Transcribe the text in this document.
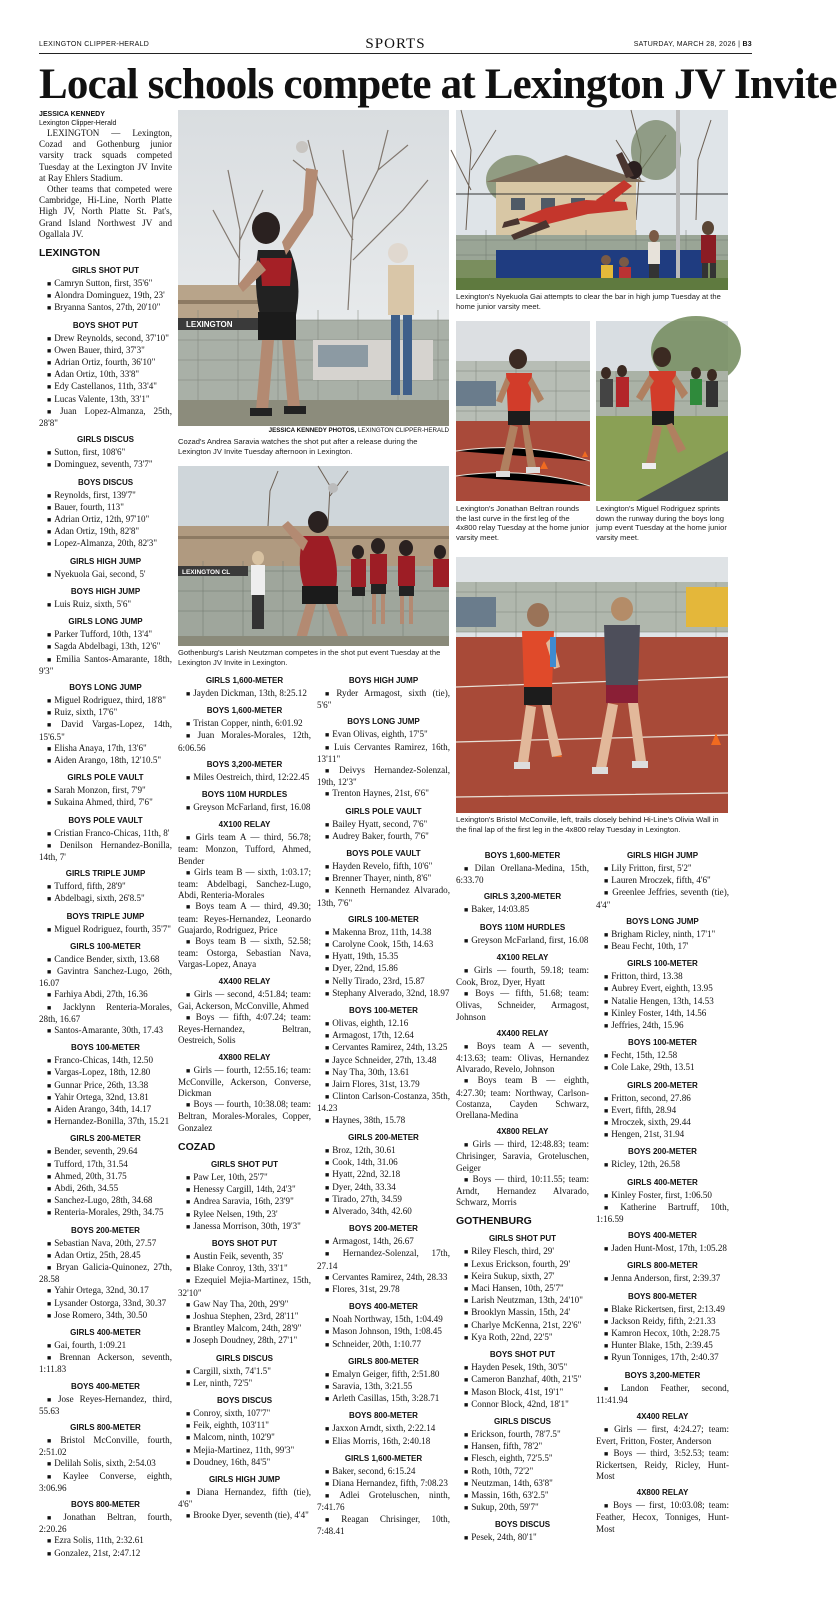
LEXINGTON CLIPPER-HERALD	SPORTS	SATURDAY, MARCH 28, 2026 | B3
Local schools compete at Lexington JV Invite
JESSICA KENNEDY
Lexington Clipper-Herald

LEXINGTON — Lexington, Cozad and Gothenburg junior varsity track squads competed Tuesday at the Lexington JV Invite at Ray Ehlers Stadium.

Other teams that competed were Cambridge, Hi-Line, North Platte High JV, North Platte St. Pat's, Grand Island Northwest JV and Ogallala JV.

LEXINGTON
GIRLS SHOT PUT

■ Camryn Sutton, first, 35'6"

■ Alondra Dominguez, 19th, 23'

■ Bryanna Santos, 27th, 20'10"

BOYS SHOT PUT

■ Drew Reynolds, second, 37'10"

■ Owen Bauer, third, 37'3"

■ Adrian Ortiz, fourth, 36'10"

■ Adan Ortiz, 10th, 33'8"

■ Edy Castellanos, 11th, 33'4"

■ Lucas Valente, 13th, 33'1"

■ Juan Lopez-Almanza, 25th, 28'8"

GIRLS DISCUS

■ Sutton, first, 108'6"

■ Dominguez, seventh, 73'7"

BOYS DISCUS

■ Reynolds, first, 139'7"

■ Bauer, fourth, 113"

■ Adrian Ortiz, 12th, 97'10"

■ Adan Ortiz, 19th, 82'8"

■ Lopez-Almanza, 20th, 82'3"

GIRLS HIGH JUMP

■ Nyekuola Gai, second, 5'

BOYS HIGH JUMP

■ Luis Ruiz, sixth, 5'6"

GIRLS LONG JUMP

■ Parker Tufford, 10th, 13'4"

■ Sagda Abdelbagi, 13th, 12'6"

■ Emilia Santos-Amarante, 18th, 9'3"

BOYS LONG JUMP

■ Miguel Rodriguez, third, 18'8"

■ Ruiz, sixth, 17'6"

■ David Vargas-Lopez, 14th, 15'6.5"

■ Elisha Anaya, 17th, 13'6"

■ Aiden Arango, 18th, 12'10.5"

GIRLS POLE VAULT

■ Sarah Monzon, first, 7'9"

■ Sukaina Ahmed, third, 7'6"

BOYS POLE VAULT

■ Cristian Franco-Chicas, 11th, 8'

■ Denilson Hernandez-Bonilla, 14th, 7'

GIRLS TRIPLE JUMP

■ Tufford, fifth, 28'9"

■ Abdelbagi, sixth, 26'8.5"

BOYS TRIPLE JUMP

■ Miguel Rodriguez, fourth, 35'7"

GIRLS 100-METER

■ Candice Bender, sixth, 13.68

■ Gavintra Sanchez-Lugo, 26th, 16.07

■ Farhiya Abdi, 27th, 16.36

■ Jacklynn Renteria-Morales, 28th, 16.67

■ Santos-Amarante, 30th, 17.43

BOYS 100-METER

■ Franco-Chicas, 14th, 12.50

■ Vargas-Lopez, 18th, 12.80

■ Gunnar Price, 26th, 13.38

■ Yahir Ortega, 32nd, 13.81

■ Aiden Arango, 34th, 14.17

■ Hernandez-Bonilla, 37th, 15.21

GIRLS 200-METER

■ Bender, seventh, 29.64

■ Tufford, 17th, 31.54

■ Ahmed, 20th, 31.75

■ Abdi, 26th, 34.55

■ Sanchez-Lugo, 28th, 34.68

■ Renteria-Morales, 29th, 34.75

BOYS 200-METER

■ Sebastian Nava, 20th, 27.57

■ Adan Ortiz, 25th, 28.45

■ Bryan Galicia-Quinonez, 27th, 28.58

■ Yahir Ortega, 32nd, 30.17

■ Lysander Ostorga, 33nd, 30.37

■ Jose Romero, 34th, 30.50

GIRLS 400-METER

■ Gai, fourth, 1:09.21

■ Brennan Ackerson, seventh, 1:11.83

BOYS 400-METER

■ Jose Reyes-Hernandez, third, 55.63

GIRLS 800-METER

■ Bristol McConville, fourth, 2:51.02

■ Delilah Solis, sixth, 2:54.03

■ Kaylee Converse, eighth, 3:06.96

BOYS 800-METER

■ Jonathan Beltran, fourth, 2:20.26

■ Ezra Solis, 11th, 2:32.61

■ Gonzalez, 21st, 2:47.12

LEXINGTON
JESSICA KENNEDY PHOTOS, LEXINGTON CLIPPER-HERALD
Cozad's Andrea Saravia watches the shot put after a release during the Lexington JV Invite Tuesday afternoon in Lexington.
LEXINGTON CL
Gothenburg's Larish Neutzman competes in the shot put event Tuesday at the Lexington JV Invite in Lexington.
GIRLS 1,600-METER

■ Jayden Dickman, 13th, 8:25.12

BOYS 1,600-METER

■ Tristan Copper, ninth, 6:01.92

■ Juan Morales-Morales, 12th, 6:06.56

BOYS 3,200-METER

■ Miles Oestreich, third, 12:22.45

BOYS 110M HURDLES

■ Greyson McFarland, first, 16.08

4X100 RELAY

■ Girls team A — third, 56.78; team: Monzon, Tufford, Ahmed, Bender

■ Girls team B — sixth, 1:03.17; team: Abdelbagi, Sanchez-Lugo, Abdi, Renteria-Morales

■ Boys team A — third, 49.30; team: Reyes-Hernandez, Leonardo Guajardo, Rodriguez, Price

■ Boys team B — sixth, 52.58; team: Ostorga, Sebastian Nava, Vargas-Lopez, Anaya

4X400 RELAY

■ Girls — second, 4:51.84; team: Gai, Ackerson, McConville, Ahmed

■ Boys — fifth, 4:07.24; team: Reyes-Hernandez, Beltran, Oestreich, Solis

4X800 RELAY

■ Girls — fourth, 12:55.16; team: McConville, Ackerson, Converse, Dickman

■ Boys — fourth, 10:38.08; team: Beltran, Morales-Morales, Copper, Gonzalez

COZAD
GIRLS SHOT PUT

■ Paw Ler, 10th, 25'7"

■ Henessy Cargill, 14th, 24'3"

■ Andrea Saravia, 16th, 23'9"

■ Rylee Nelsen, 19th, 23'

■ Janessa Morrison, 30th, 19'3"

BOYS SHOT PUT

■ Austin Feik, seventh, 35'

■ Blake Conroy, 13th, 33'1"

■ Ezequiel Mejia-Martinez, 15th, 32'10"

■ Gaw Nay Tha, 20th, 29'9"

■ Joshua Stephen, 23rd, 28'11"

■ Brantley Malcom, 24th, 28'9"

■ Joseph Doudney, 28th, 27'1"

GIRLS DISCUS

■ Cargill, sixth, 74'1.5"

■ Ler, ninth, 72'5"

BOYS DISCUS

■ Conroy, sixth, 107'7"

■ Feik, eighth, 103'11"

■ Malcom, ninth, 102'9"

■ Mejia-Martinez, 11th, 99'3"

■ Doudney, 16th, 84'5"

GIRLS HIGH JUMP

■ Diana Hernandez, fifth (tie), 4'6"

■ Brooke Dyer, seventh (tie), 4'4"

BOYS HIGH JUMP

■ Ryder Armagost, sixth (tie), 5'6"

BOYS LONG JUMP

■ Evan Olivas, eighth, 17'5"

■ Luis Cervantes Ramirez, 16th, 13'11"

■ Deivys Hernandez-Solenzal, 19th, 12'3"

■ Trenton Haynes, 21st, 6'6"

GIRLS POLE VAULT

■ Bailey Hyatt, second, 7'6"

■ Audrey Baker, fourth, 7'6"

BOYS POLE VAULT

■ Hayden Revelo, fifth, 10'6"

■ Brenner Thayer, ninth, 8'6"

■ Kenneth Hernandez Alvarado, 13th, 7'6"

GIRLS 100-METER

■ Makenna Broz, 11th, 14.38

■ Carolyne Cook, 15th, 14.63

■ Hyatt, 19th, 15.35

■ Dyer, 22nd, 15.86

■ Nelly Tirado, 23rd, 15.87

■ Stephany Alverado, 32nd, 18.97

BOYS 100-METER

■ Olivas, eighth, 12.16

■ Armagost, 17th, 12.64

■ Cervantes Ramirez, 24th, 13.25

■ Jayce Schneider, 27th, 13.48

■ Nay Tha, 30th, 13.61

■ Jairn Flores, 31st, 13.79

■ Clinton Carlson-Costanza, 35th, 14.23

■ Haynes, 38th, 15.78

GIRLS 200-METER

■ Broz, 12th, 30.61

■ Cook, 14th, 31.06

■ Hyatt, 22nd, 32.18

■ Dyer, 24th, 33.34

■ Tirado, 27th, 34.59

■ Alverado, 34th, 42.60

BOYS 200-METER

■ Armagost, 14th, 26.67

■ Hernandez-Solenzal, 17th, 27.14

■ Cervantes Ramirez, 24th, 28.33

■ Flores, 31st, 29.78

BOYS 400-METER

■ Noah Northway, 15th, 1:04.49

■ Mason Johnson, 19th, 1:08.45

■ Schneider, 20th, 1:10.77

GIRLS 800-METER

■ Emalyn Geiger, fifth, 2:51.80

■ Saravia, 13th, 3:21.55

■ Arleth Casillas, 15th, 3:28.71

BOYS 800-METER

■ Jaxxon Arndt, sixth, 2:22.14

■ Elias Morris, 16th, 2:40.18

GIRLS 1,600-METER

■ Baker, second, 6:15.24

■ Diana Hernandez, fifth, 7:08.23

■ Adlei Groteluschen, ninth, 7:41.76

■ Reagan Chrisinger, 10th, 7:48.41

Lexington's Nyekuola Gai attempts to clear the bar in high jump Tuesday at the home junior varsity meet.
Lexington's Jonathan Beltran rounds the last curve in the first leg of the 4x800 relay Tuesday at the home junior varsity meet.
Lexington's Miguel Rodriguez sprints down the runway during the boys long jump event Tuesday at the home junior varsity meet.
Lexington's Bristol McConville, left, trails closely behind Hi-Line's Olivia Wall in the final lap of the first leg in the 4x800 relay Tuesday in Lexington.
BOYS 1,600-METER

■ Dilan Orellana-Medina, 15th, 6:33.70

GIRLS 3,200-METER

■ Baker, 14:03.85

BOYS 110M HURDLES

■ Greyson McFarland, first, 16.08

4X100 RELAY

■ Girls — fourth, 59.18; team: Cook, Broz, Dyer, Hyatt

■ Boys — fifth, 51.68; team: Olivas, Schneider, Armagost, Johnson

4X400 RELAY

■ Boys team A — seventh, 4:13.63; team: Olivas, Hernandez Alvarado, Revelo, Johnson

■ Boys team B — eighth, 4:27.30; team: Northway, Carlson-Costanza, Cayden Schwarz, Orellana-Medina

4X800 RELAY

■ Girls — third, 12:48.83; team: Chrisinger, Saravia, Groteluschen, Geiger

■ Boys — third, 10:11.55; team: Arndt, Hernandez Alvarado, Schwarz, Morris

GOTHENBURG
GIRLS SHOT PUT

■ Riley Flesch, third, 29'

■ Lexus Erickson, fourth, 29'

■ Keira Sukup, sixth, 27'

■ Maci Hansen, 10th, 25'7"

■ Larish Neutzman, 13th, 24'10"

■ Brooklyn Massin, 15th, 24'

■ Charlye McKenna, 21st, 22'6"

■ Kya Roth, 22nd, 22'5"

BOYS SHOT PUT

■ Hayden Pesek, 19th, 30'5"

■ Cameron Banzhaf, 40th, 21'5"

■ Mason Block, 41st, 19'1"

■ Connor Block, 42nd, 18'1"

GIRLS DISCUS

■ Erickson, fourth, 78'7.5"

■ Hansen, fifth, 78'2"

■ Flesch, eighth, 72'5.5"

■ Roth, 10th, 72'2"

■ Neutzman, 14th, 63'8"

■ Massin, 16th, 63'2.5"

■ Sukup, 20th, 59'7"

BOYS DISCUS

■ Pesek, 24th, 80'1"

GIRLS HIGH JUMP

■ Lily Fritton, first, 5'2"

■ Lauren Mroczek, fifth, 4'6"

■ Greenlee Jeffries, seventh (tie), 4'4"

BOYS LONG JUMP

■ Brigham Ricley, ninth, 17'1"

■ Beau Fecht, 10th, 17'

GIRLS 100-METER

■ Fritton, third, 13.38

■ Aubrey Evert, eighth, 13.95

■ Natalie Hengen, 13th, 14.53

■ Kinley Foster, 14th, 14.56

■ Jeffries, 24th, 15.96

BOYS 100-METER

■ Fecht, 15th, 12.58

■ Cole Lake, 29th, 13.51

GIRLS 200-METER

■ Fritton, second, 27.86

■ Evert, fifth, 28.94

■ Mroczek, sixth, 29.44

■ Hengen, 21st, 31.94

BOYS 200-METER

■ Ricley, 12th, 26.58

GIRLS 400-METER

■ Kinley Foster, first, 1:06.50

■ Katherine Bartruff, 10th, 1:16.59

BOYS 400-METER

■ Jaden Hunt-Most, 17th, 1:05.28

GIRLS 800-METER

■ Jenna Anderson, first, 2:39.37

BOYS 800-METER

■ Blake Rickertsen, first, 2:13.49

■ Jackson Reidy, fifth, 2:21.33

■ Kamron Hecox, 10th, 2:28.75

■ Hunter Blake, 15th, 2:39.45

■ Ryun Tonniges, 17th, 2:40.37

BOYS 3,200-METER

■ Landon Feather, second, 11:41.94

4X400 RELAY

■ Girls — first, 4:24.27; team: Evert, Fritton, Foster, Anderson

■ Boys — third, 3:52.53; team: Rickertsen, Reidy, Ricley, Hunt-Most

4X800 RELAY

■ Boys — first, 10:03.08; team: Feather, Hecox, Tonniges, Hunt-Most
